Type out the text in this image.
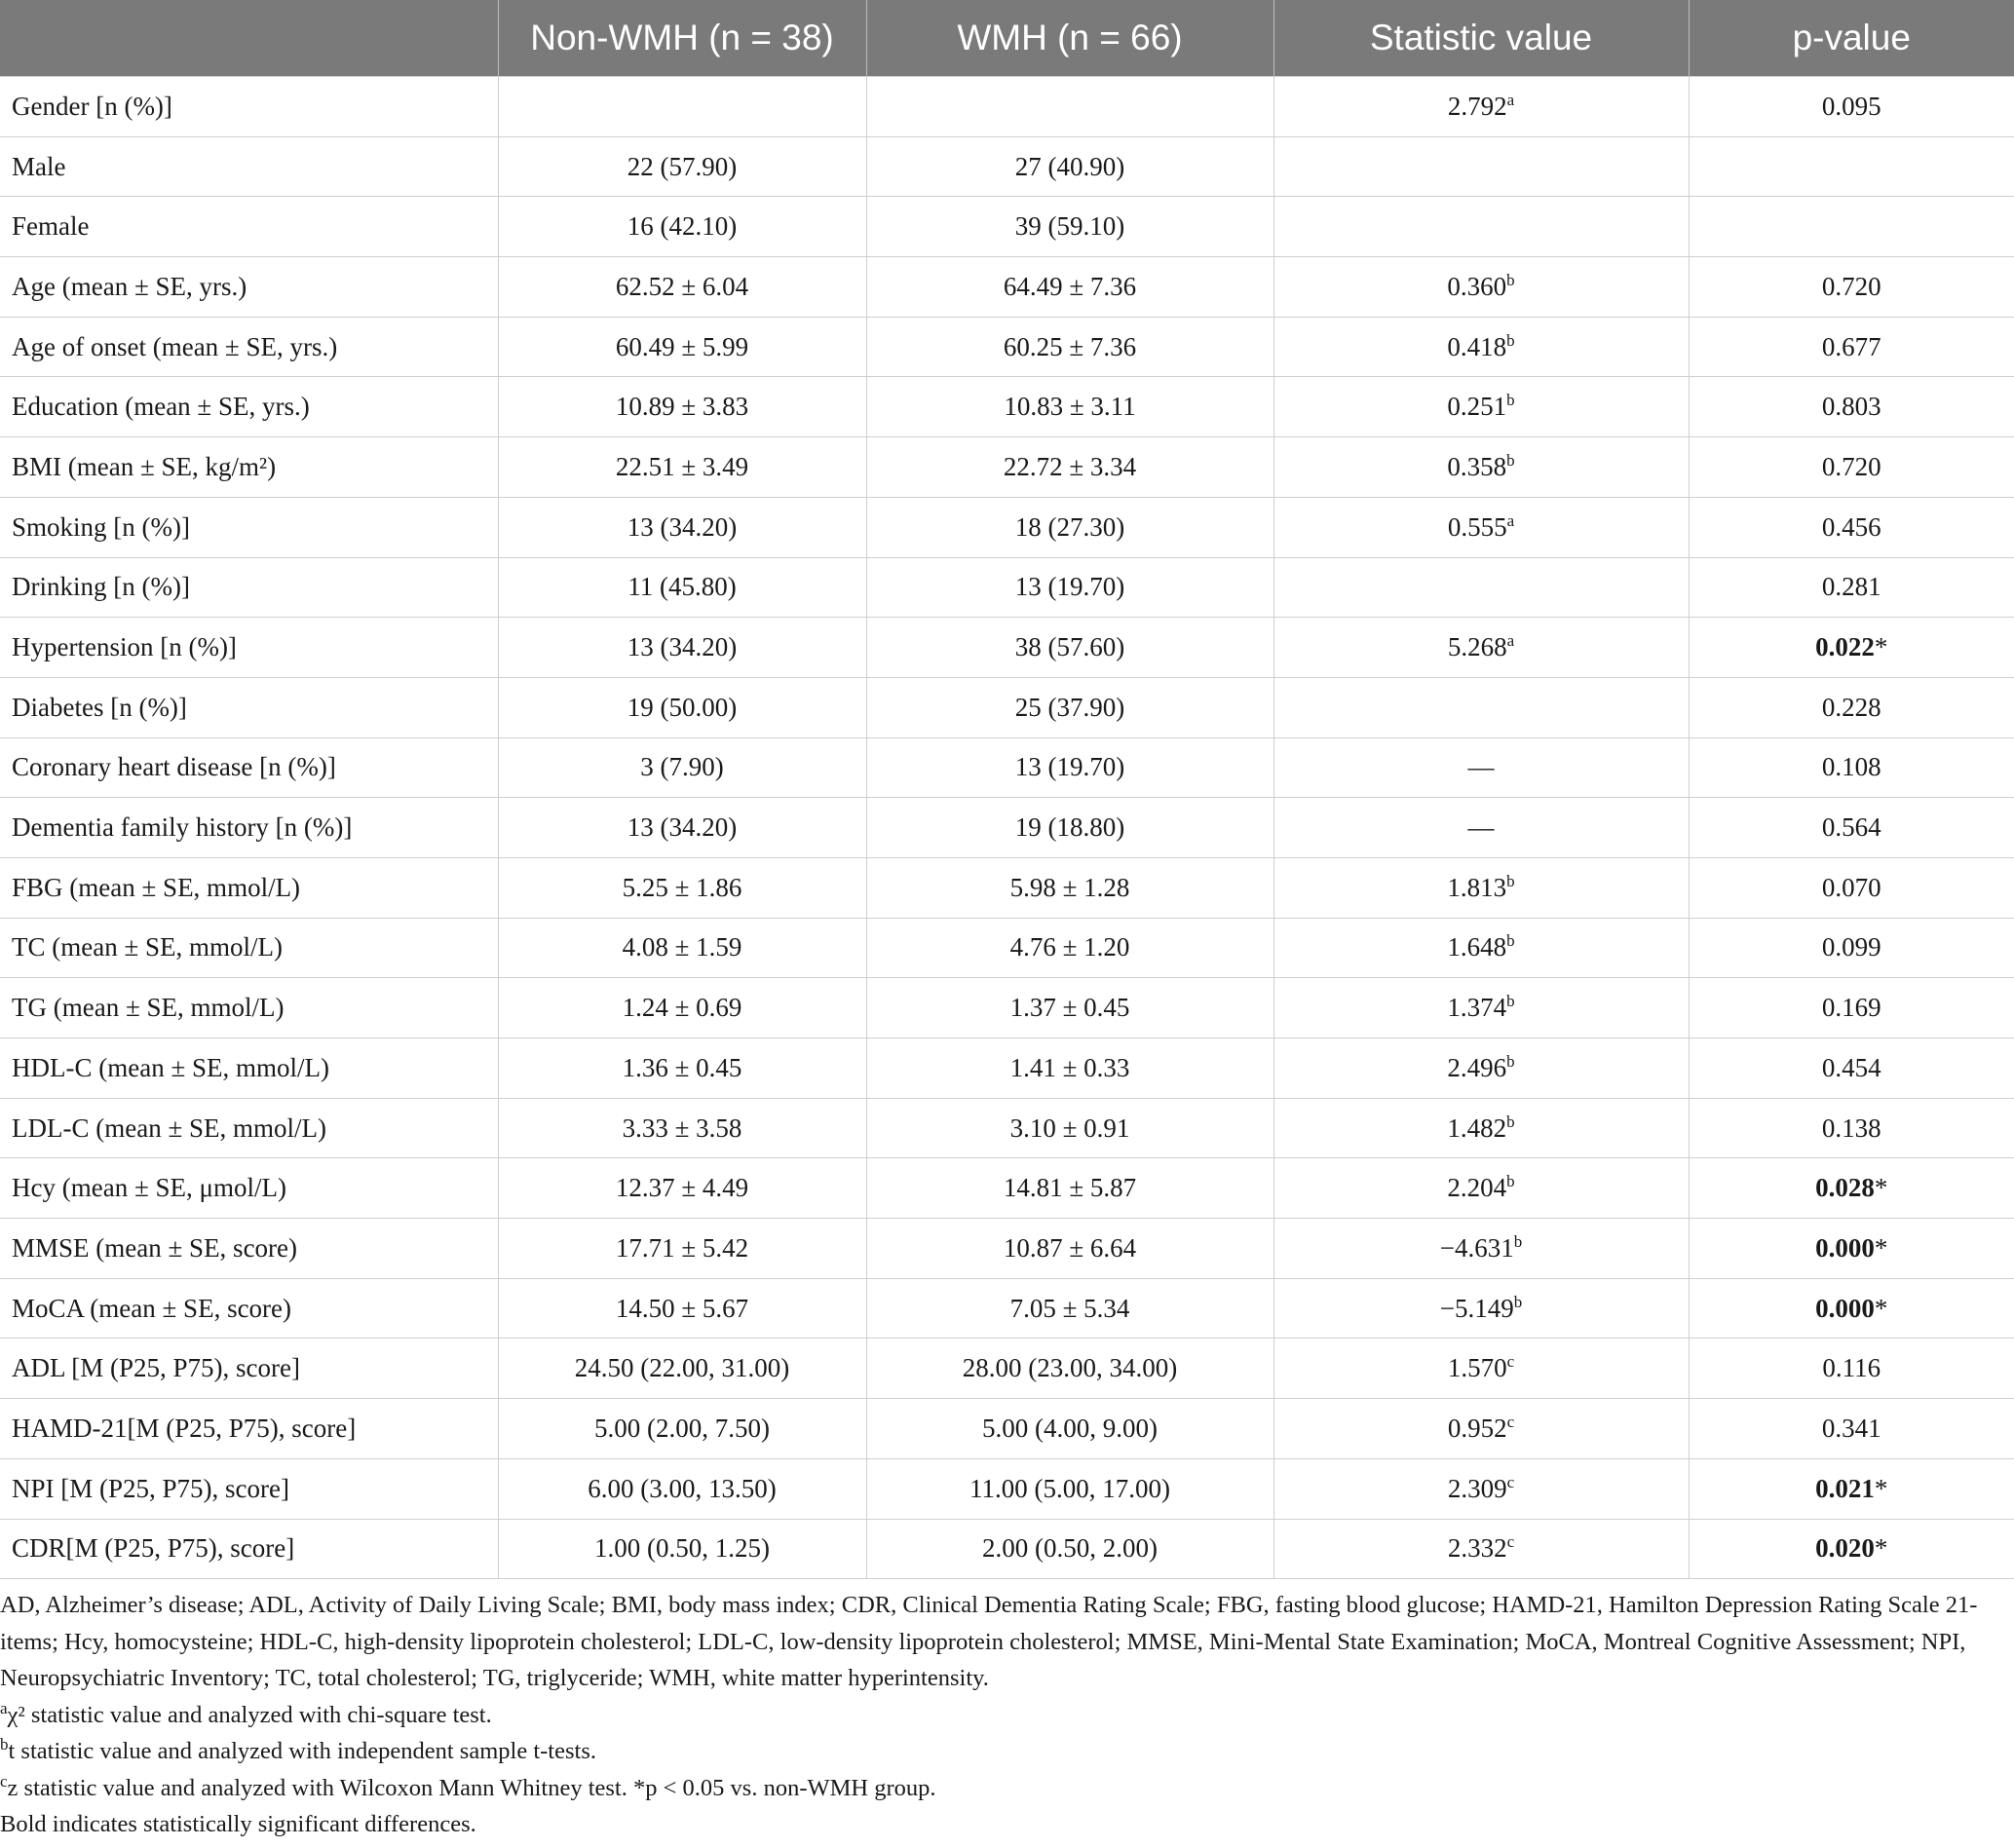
	Non-WMH (n = 38)	WMH (n = 66)	Statistic value	p-value
Gender [n (%)]			2.792$^a$	0.095
Male	22 (57.90)	27 (40.90)		
Female	16 (42.10)	39 (59.10)		
Age (mean ± SE, yrs.)	62.52 ± 6.04	64.49 ± 7.36	0.360$^b$	0.720
Age of onset (mean ± SE, yrs.)	60.49 ± 5.99	60.25 ± 7.36	0.418$^b$	0.677
Education (mean ± SE, yrs.)	10.89 ± 3.83	10.83 ± 3.11	0.251$^b$	0.803
BMI (mean ± SE, kg/m²)	22.51 ± 3.49	22.72 ± 3.34	0.358$^b$	0.720
Smoking [n (%)]	13 (34.20)	18 (27.30)	0.555$^a$	0.456
Drinking [n (%)]	11 (45.80)	13 (19.70)		0.281
Hypertension [n (%)]	13 (34.20)	38 (57.60)	5.268$^a$	0.022*
Diabetes [n (%)]	19 (50.00)	25 (37.90)		0.228
Coronary heart disease [n (%)]	3 (7.90)	13 (19.70)	—	0.108
Dementia family history [n (%)]	13 (34.20)	19 (18.80)	—	0.564
FBG (mean ± SE, mmol/L)	5.25 ± 1.86	5.98 ± 1.28	1.813$^b$	0.070
TC (mean ± SE, mmol/L)	4.08 ± 1.59	4.76 ± 1.20	1.648$^b$	0.099
TG (mean ± SE, mmol/L)	1.24 ± 0.69	1.37 ± 0.45	1.374$^b$	0.169
HDL-C (mean ± SE, mmol/L)	1.36 ± 0.45	1.41 ± 0.33	2.496$^b$	0.454
LDL-C (mean ± SE, mmol/L)	3.33 ± 3.58	3.10 ± 0.91	1.482$^b$	0.138
Hcy (mean ± SE, μmol/L)	12.37 ± 4.49	14.81 ± 5.87	2.204$^b$	0.028*
MMSE (mean ± SE, score)	17.71 ± 5.42	10.87 ± 6.64	−4.631$^b$	0.000*
MoCA (mean ± SE, score)	14.50 ± 5.67	7.05 ± 5.34	−5.149$^b$	0.000*
ADL [M (P25, P75), score]	24.50 (22.00, 31.00)	28.00 (23.00, 34.00)	1.570$^c$	0.116
HAMD-21[M (P25, P75), score]	5.00 (2.00, 7.50)	5.00 (4.00, 9.00)	0.952$^c$	0.341
NPI [M (P25, P75), score]	6.00 (3.00, 13.50)	11.00 (5.00, 17.00)	2.309$^c$	0.021*
CDR[M (P25, P75), score]	1.00 (0.50, 1.25)	2.00 (0.50, 2.00)	2.332$^c$	0.020*
AD, Alzheimer’s disease; ADL, Activity of Daily Living Scale; BMI, body mass index; CDR, Clinical Dementia Rating Scale; FBG, fasting blood glucose; HAMD-21, Hamilton Depression Rating Scale 21-items; Hcy, homocysteine; HDL-C, high-density lipoprotein cholesterol; LDL-C, low-density lipoprotein cholesterol; MMSE, Mini-Mental State Examination; MoCA, Montreal Cognitive Assessment; NPI, Neuropsychiatric Inventory; TC, total cholesterol; TG, triglyceride; WMH, white matter hyperintensity.
$^a$χ² statistic value and analyzed with chi-square test.
$^b$t statistic value and analyzed with independent sample t-tests.
$^c$z statistic value and analyzed with Wilcoxon Mann Whitney test. *p < 0.05 vs. non-WMH group.
Bold indicates statistically significant differences.
